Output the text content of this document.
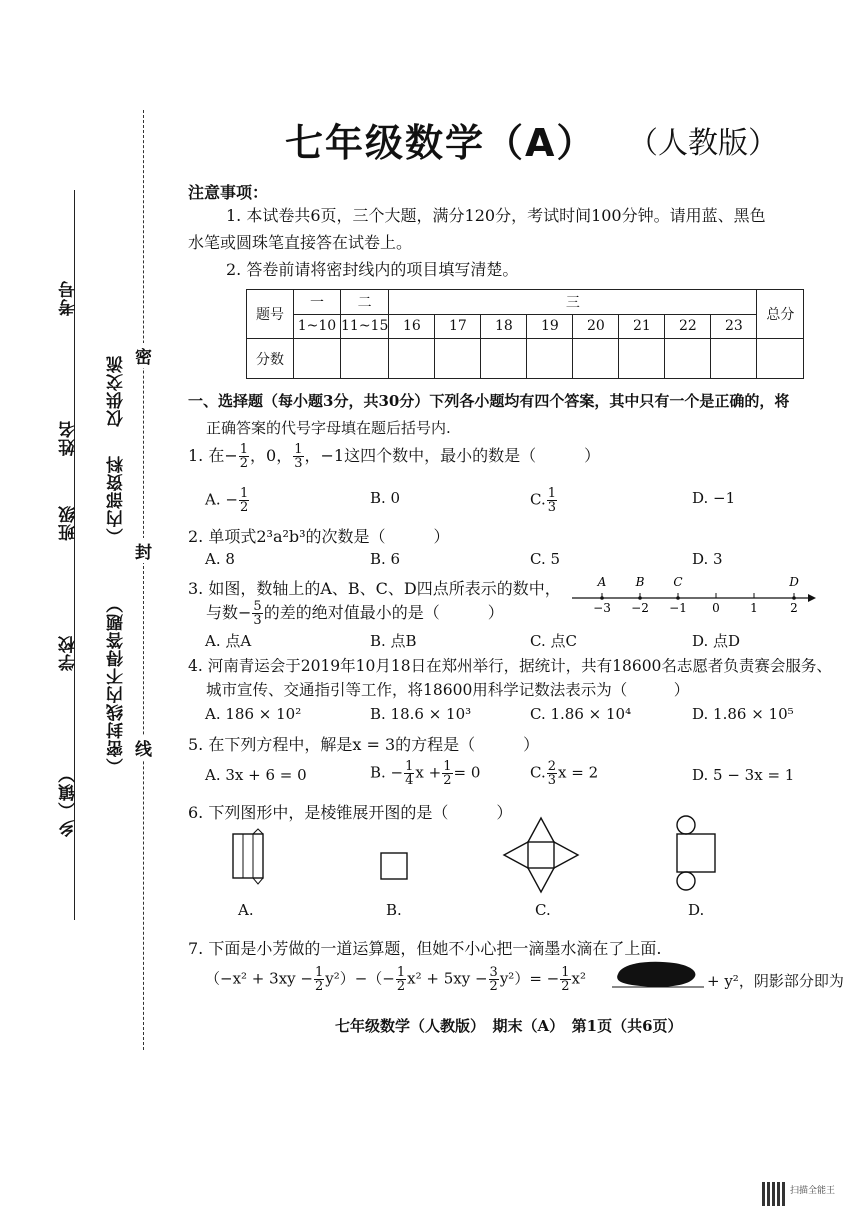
考号
姓名
班级
学校
乡（镇）
仅供交流
（内部资料
（密封线内不得答题）
密
封
线
七年级数学（A） （人教版）
注意事项：
1. 本试卷共6页，三个大题，满分120分，考试时间100分钟。请用蓝、黑色
水笔或圆珠笔直接答在试卷上。
2. 答卷前请将密封线内的项目填写清楚。
题号	一	二	三								总分
	1~10	11~15	16	17	18	19	20	21	22	23	
分数											
一、选择题（每小题3分，共30分）下列各小题均有四个答案，其中只有一个是正确的，将
正确答案的代号字母填在题后括号内.
1. 在− $\frac{1}{2}$ ，0， $\frac{1}{3}$ ，−1这四个数中，最小的数是（　　　）
A. − $\frac{1}{2}$	B. 0	C. $\frac{1}{3}$	D. −1
2. 单项式2³a²b³的次数是（　　　）
A. 8	B. 6	C. 5	D. 3
3. 如图，数轴上的A、B、C、D四点所表示的数中，
与数− $\frac{5}{3}$ 的差的绝对值最小的是（　　　）
A. 点A	B. 点B	C. 点C	D. 点D
−3 −2 −1 0	1	2
A B C	D
4. 河南青运会于2019年10月18日在郑州举行，据统计，共有18600名志愿者负责赛会服务、
城市宣传、交通指引等工作，将18600用科学记数法表示为（　　　）
A. 186 × 10²	B. 18.6 × 10³	C. 1.86 × 10⁴	D. 1.86 × 10⁵
5. 在下列方程中，解是x = 3的方程是（　　　）
A. 3x + 6 = 0	B. − $\frac{1}{4}$ $x + \frac{1}{2} = 0$	C. $\frac{2}{3}$ x = 2	D. 5 − 3x = 1
6. 下列图形中，是棱锥展开图的是（　　　）
A.	B.	C.	D.
7. 下面是小芳做的一道运算题，但她不小心把一滴墨水滴在了上面.
$(-x^2 + 3xy - \frac{1}{2} y^2)-(- \frac{1}{2} x^2 + 5xy - \frac{3}{2} y^2)= - \frac{1}{2} x^2$	+ y²，阴影部分即为
七年级数学（人教版）　期末（A）　第1页（共6页）
扫描全能王
